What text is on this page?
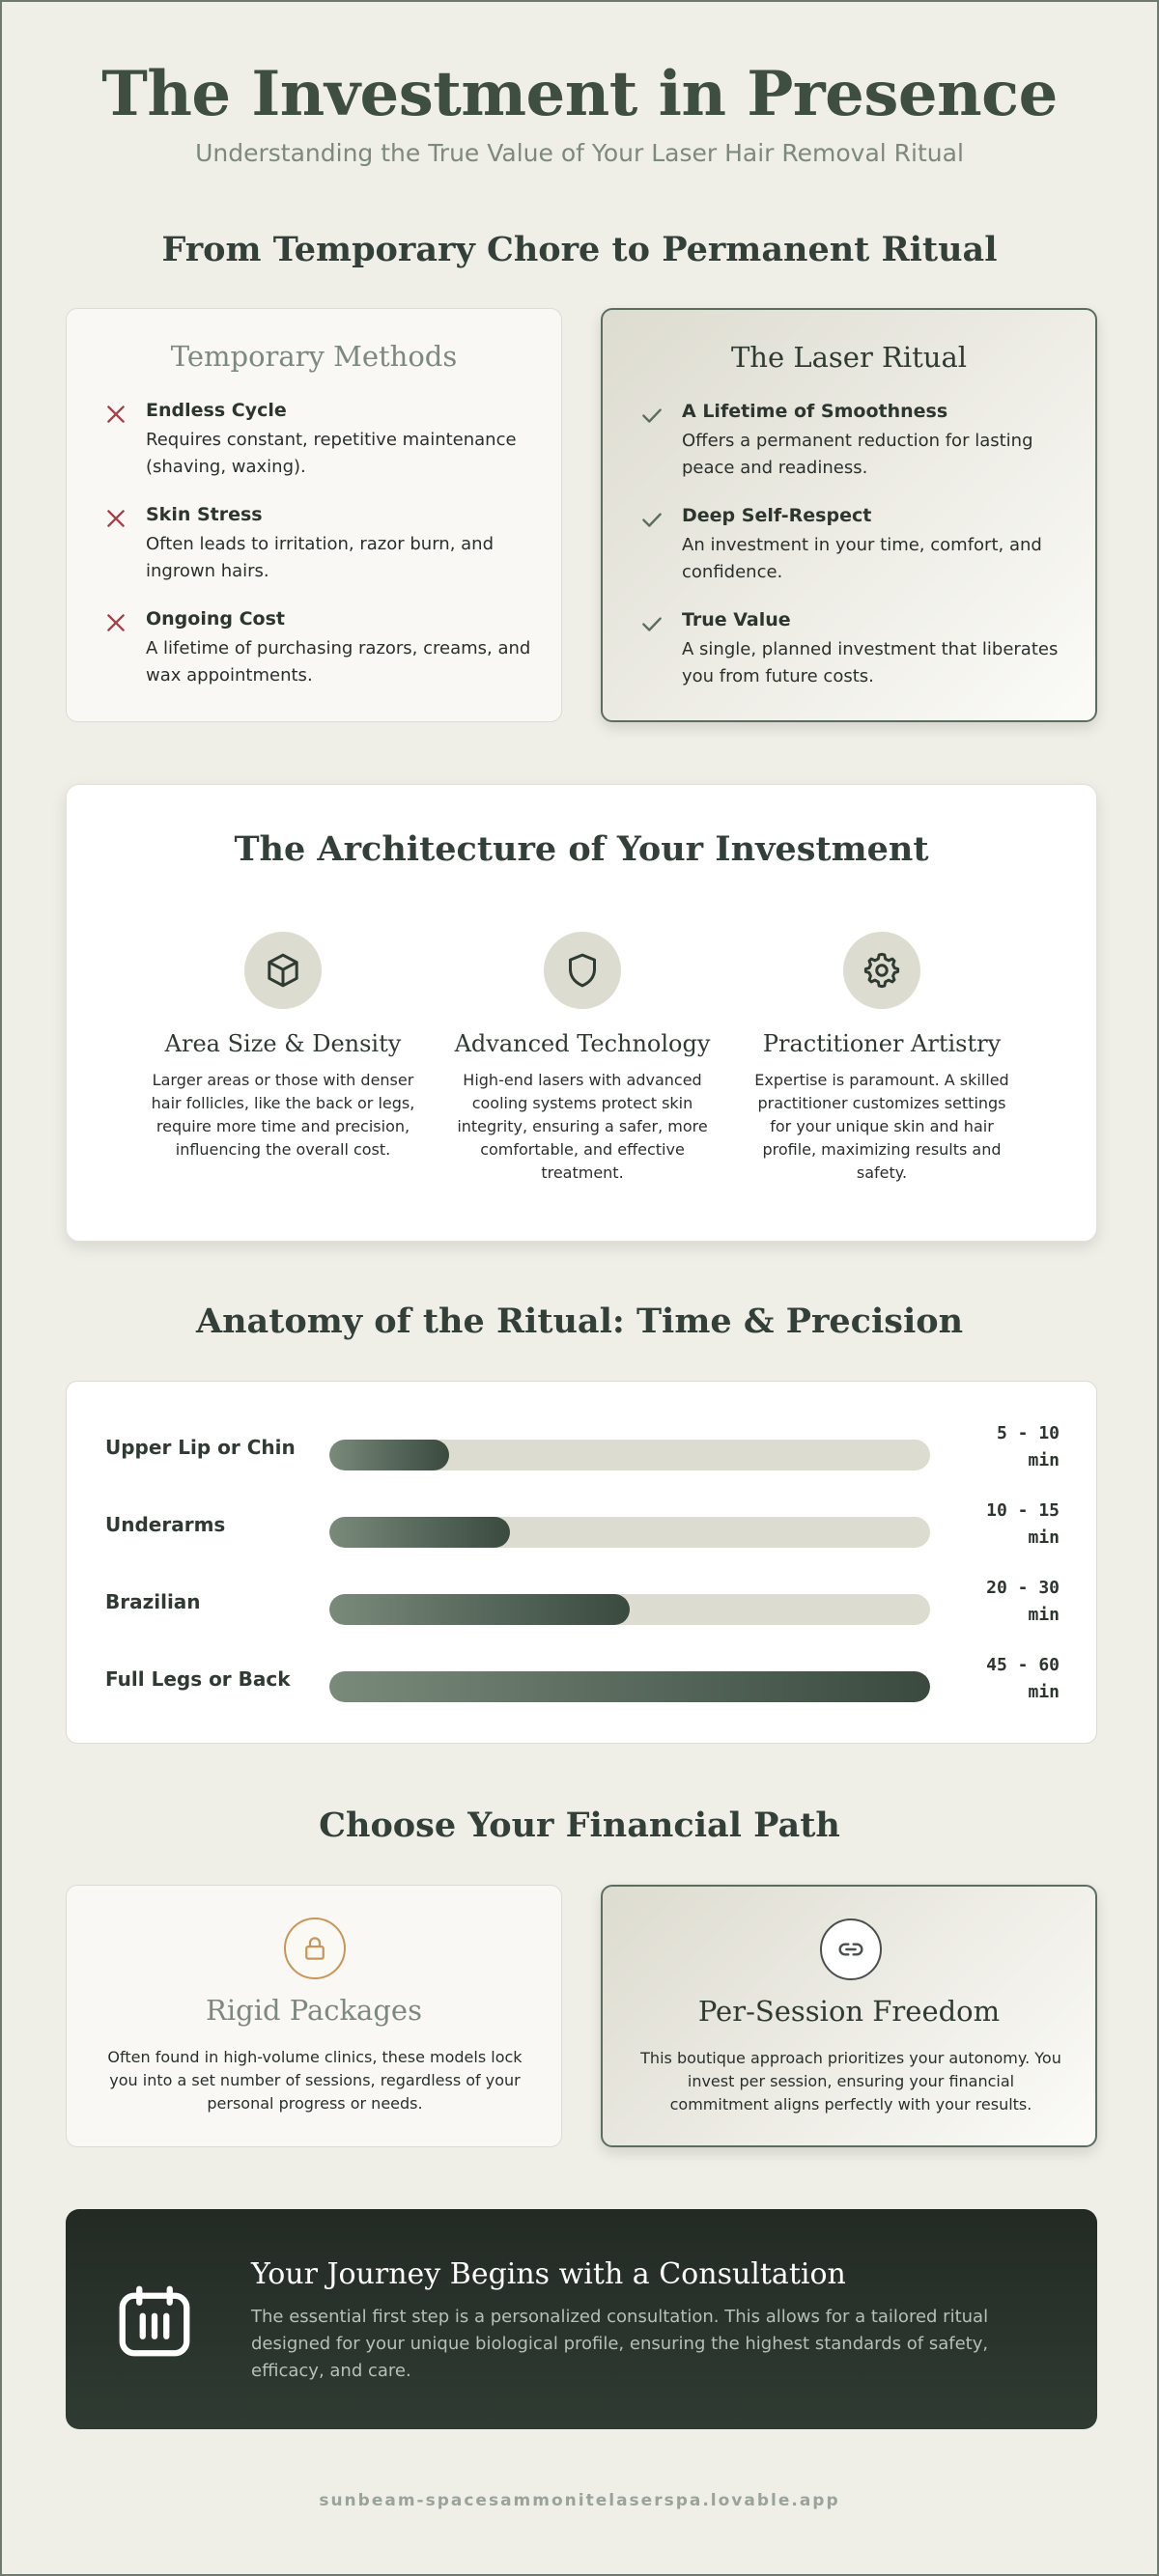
The Investment in Presence
Understanding the True Value of Your Laser Hair Removal Ritual
From Temporary Chore to Permanent Ritual
Temporary Methods
Endless Cycle
Requires constant, repetitive maintenance (shaving, waxing).
Skin Stress
Often leads to irritation, razor burn, and ingrown hairs.
Ongoing Cost
A lifetime of purchasing razors, creams, and wax appointments.
The Laser Ritual
A Lifetime of Smoothness
Offers a permanent reduction for lasting peace and readiness.
Deep Self-Respect
An investment in your time, comfort, and confidence.
True Value
A single, planned investment that liberates you from future costs.
The Architecture of Your Investment
Area Size & Density
Larger areas or those with denser hair follicles, like the back or legs, require more time and precision, influencing the overall cost.
Advanced Technology
High-end lasers with advanced cooling systems protect skin integrity, ensuring a safer, more comfortable, and effective treatment.
Practitioner Artistry
Expertise is paramount. A skilled practitioner customizes settings for your unique skin and hair profile, maximizing results and safety.
Anatomy of the Ritual: Time & Precision
Upper Lip or Chin
5 - 10
min
Underarms
10 - 15
min
Brazilian
20 - 30
min
Full Legs or Back
45 - 60
min
Choose Your Financial Path
Rigid Packages
Often found in high-volume clinics, these models lock you into a set number of sessions, regardless of your personal progress or needs.
Per-Session Freedom
This boutique approach prioritizes your autonomy. You invest per session, ensuring your financial commitment aligns perfectly with your results.
Your Journey Begins with a Consultation
The essential first step is a personalized consultation. This allows for a tailored ritual designed for your unique biological profile, ensuring the highest standards of safety, efficacy, and care.
sunbeam-spacesammonitelaserspa.lovable.app
